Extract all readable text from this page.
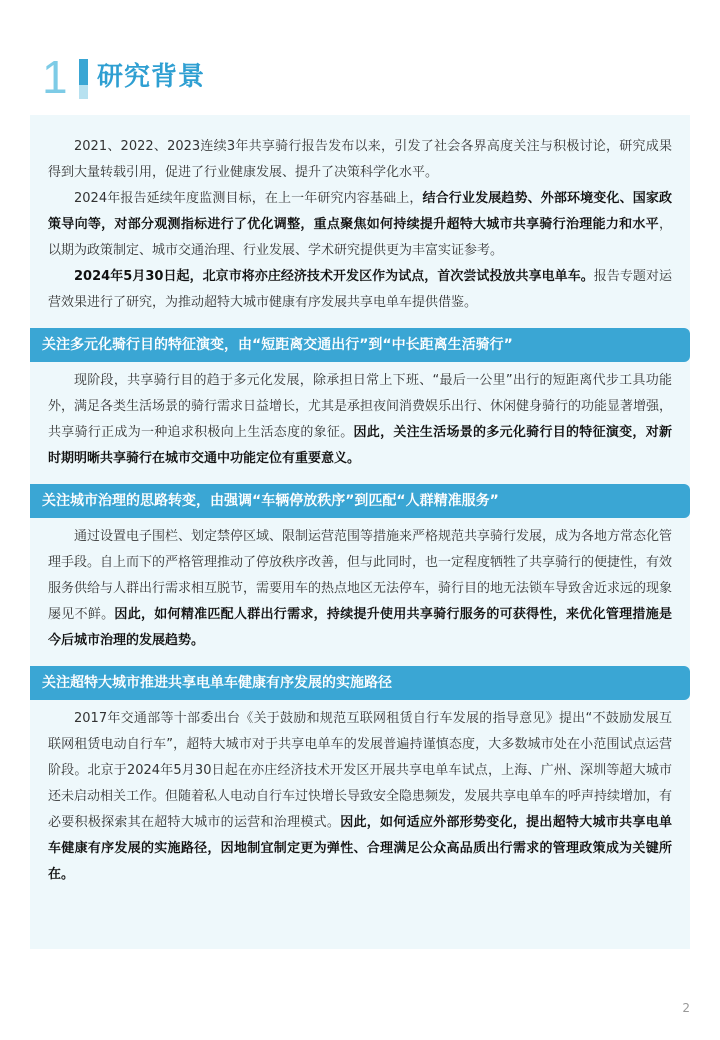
1 研究背景

2021、2022、2023连续3年共享骑行报告发布以来，引发了社会各界高度关注与积极讨论，研究成果得到大量转载引用，促进了行业健康发展、提升了决策科学化水平。

2024年报告延续年度监测目标，在上一年研究内容基础上，结合行业发展趋势、外部环境变化、国家政策导向等，对部分观测指标进行了优化调整，重点聚焦如何持续提升超特大城市共享骑行治理能力和水平，以期为政策制定、城市交通治理、行业发展、学术研究提供更为丰富实证参考。

2024年5月30日起，北京市将亦庄经济技术开发区作为试点，首次尝试投放共享电单车。报告专题对运营效果进行了研究，为推动超特大城市健康有序发展共享电单车提供借鉴。

关注多元化骑行目的特征演变，由“短距离交通出行”到“中长距离生活骑行”

现阶段，共享骑行目的趋于多元化发展，除承担日常上下班、“最后一公里”出行的短距离代步工具功能外，满足各类生活场景的骑行需求日益增长，尤其是承担夜间消费娱乐出行、休闲健身骑行的功能显著增强，共享骑行正成为一种追求积极向上生活态度的象征。因此，关注生活场景的多元化骑行目的特征演变，对新时期明晰共享骑行在城市交通中功能定位有重要意义。

关注城市治理的思路转变，由强调“车辆停放秩序”到匹配“人群精准服务”

通过设置电子围栏、划定禁停区域、限制运营范围等措施来严格规范共享骑行发展，成为各地方常态化管理手段。自上而下的严格管理推动了停放秩序改善，但与此同时，也一定程度牺牲了共享骑行的便捷性，有效服务供给与人群出行需求相互脱节，需要用车的热点地区无法停车，骑行目的地无法锁车导致舍近求远的现象屡见不鲜。因此，如何精准匹配人群出行需求，持续提升使用共享骑行服务的可获得性，来优化管理措施是今后城市治理的发展趋势。

关注超特大城市推进共享电单车健康有序发展的实施路径

2017年交通部等十部委出台《关于鼓励和规范互联网租赁自行车发展的指导意见》提出“不鼓励发展互联网租赁电动自行车”，超特大城市对于共享电单车的发展普遍持谨慎态度，大多数城市处在小范围试点运营阶段。北京于2024年5月30日起在亦庄经济技术开发区开展共享电单车试点，上海、广州、深圳等超大城市还未启动相关工作。但随着私人电动自行车过快增长导致安全隐患频发，发展共享电单车的呼声持续增加，有必要积极探索其在超特大城市的运营和治理模式。因此，如何适应外部形势变化，提出超特大城市共享电单车健康有序发展的实施路径，因地制宜制定更为弹性、合理满足公众高品质出行需求的管理政策成为关键所在。

2
